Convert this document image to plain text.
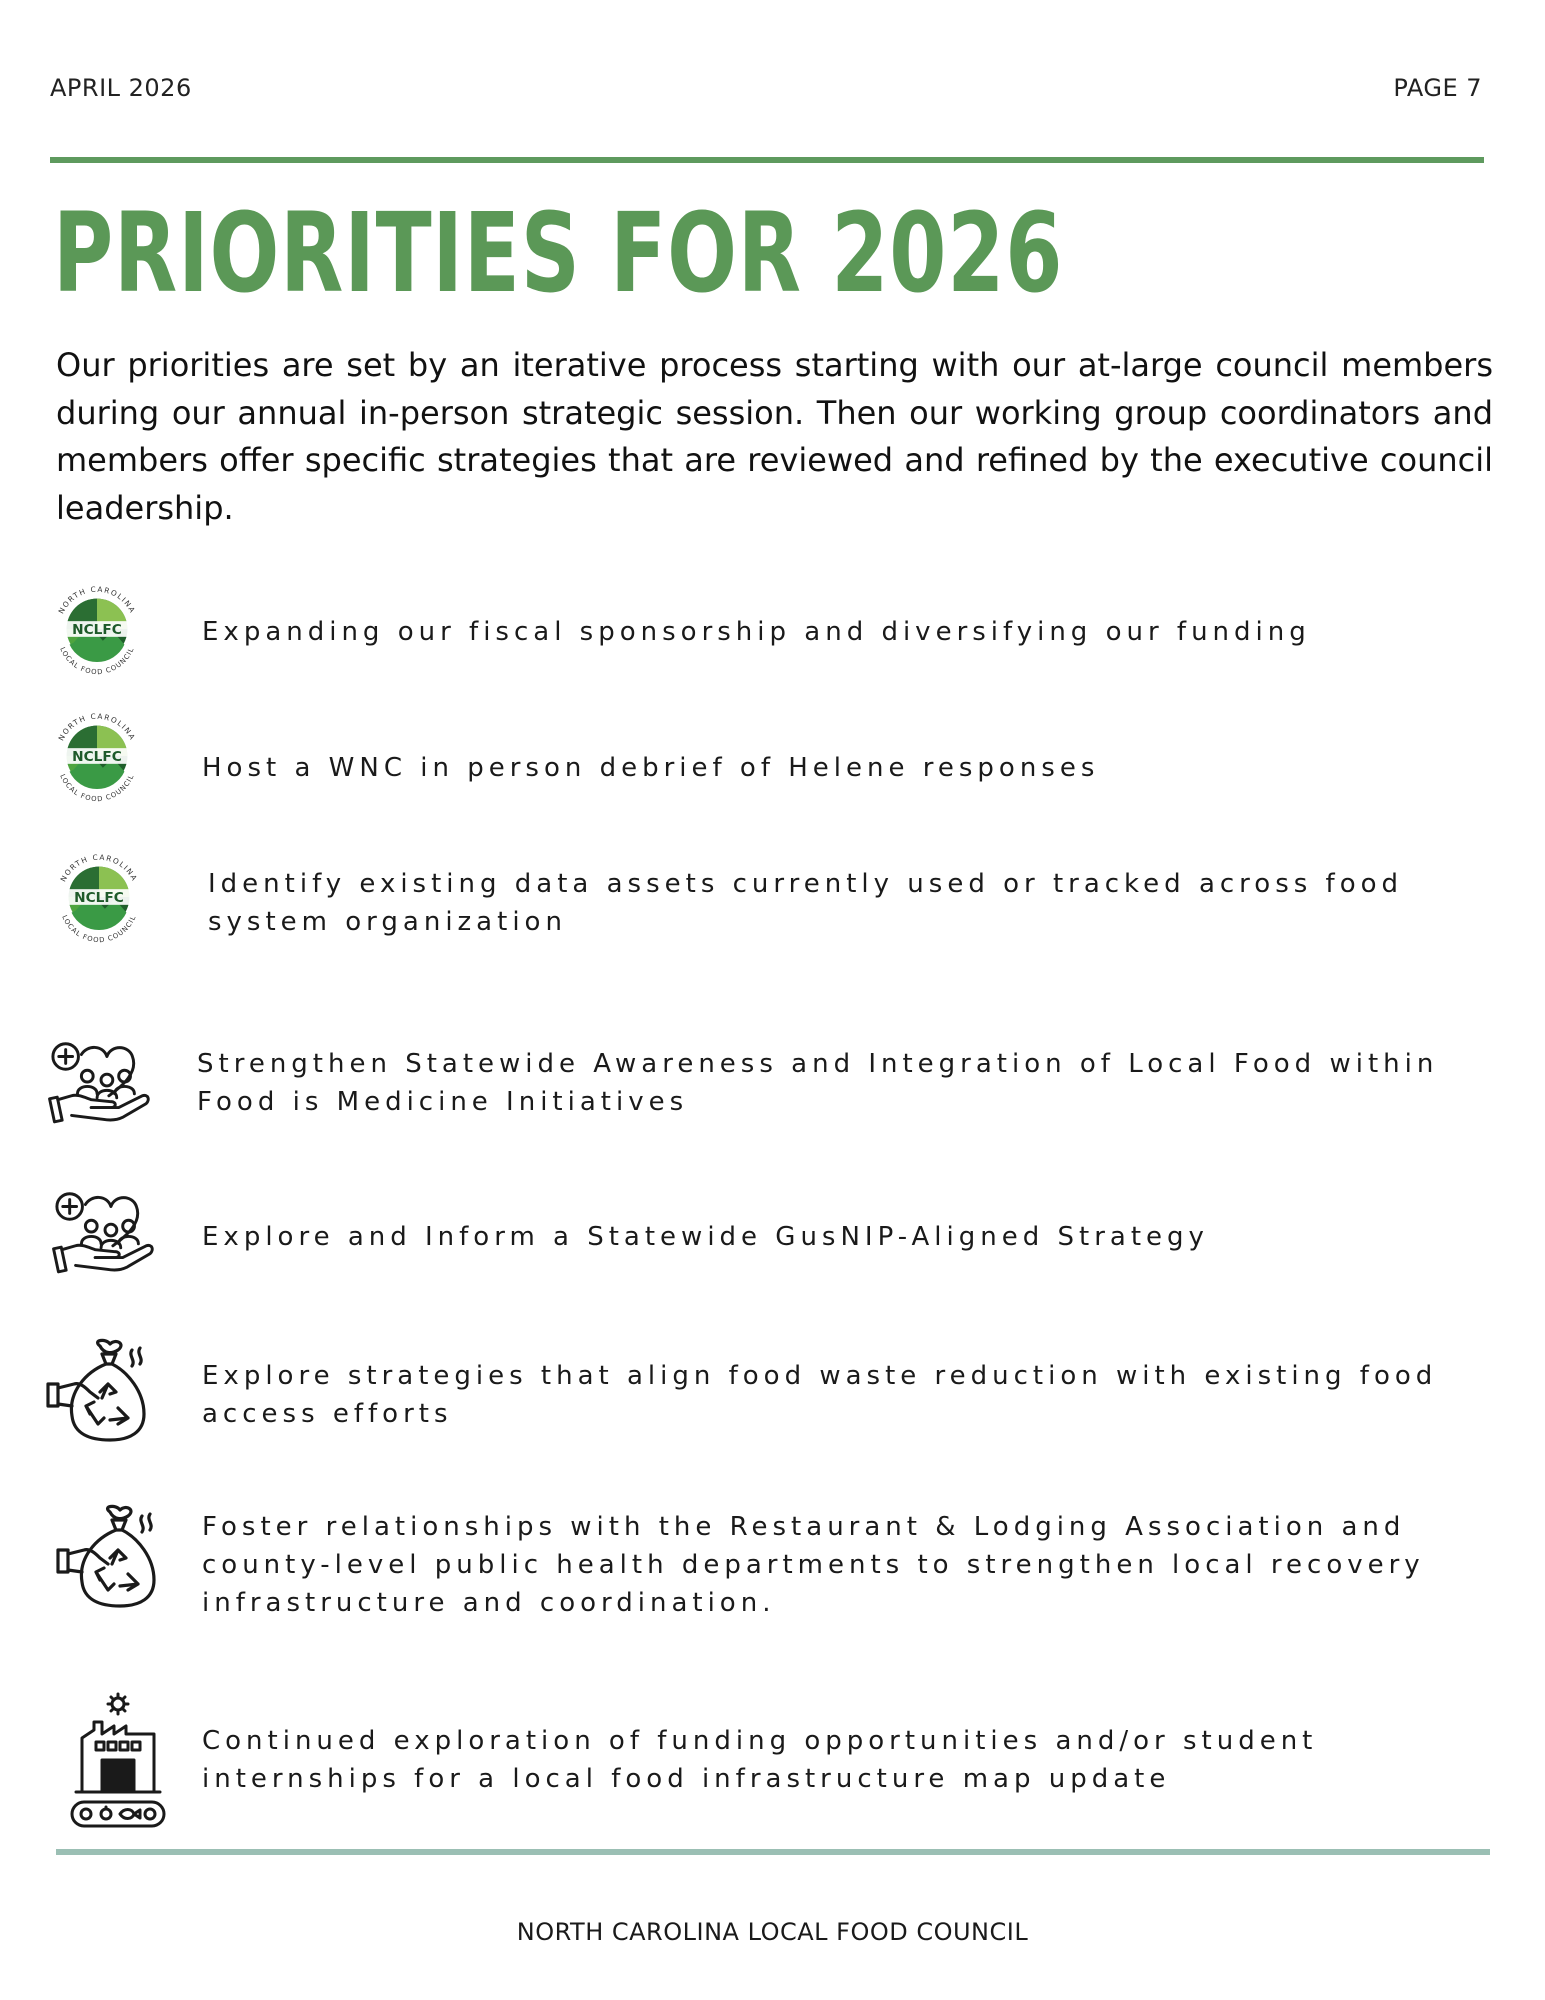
APRIL 2026	PAGE 7
PRIORITIES FOR 2026

Our priorities are set by an iterative process starting with our at-large council members during our annual in-person strategic session. Then our working group coordinators and members offer specific strategies that are reviewed and refined by the executive council leadership.

Expanding our fiscal sponsorship and diversifying our funding
Host a WNC in person debrief of Helene responses
Identify existing data assets currently used or tracked across food system organization
Strengthen Statewide Awareness and Integration of Local Food within Food is Medicine Initiatives
Explore and Inform a Statewide GusNIP-Aligned Strategy
Explore strategies that align food waste reduction with existing food access efforts
Foster relationships with the Restaurant & Lodging Association and county-level public health departments to strengthen local recovery infrastructure and coordination.
Continued exploration of funding opportunities and/or student internships for a local food infrastructure map update
NORTH CAROLINA LOCAL FOOD COUNCIL
